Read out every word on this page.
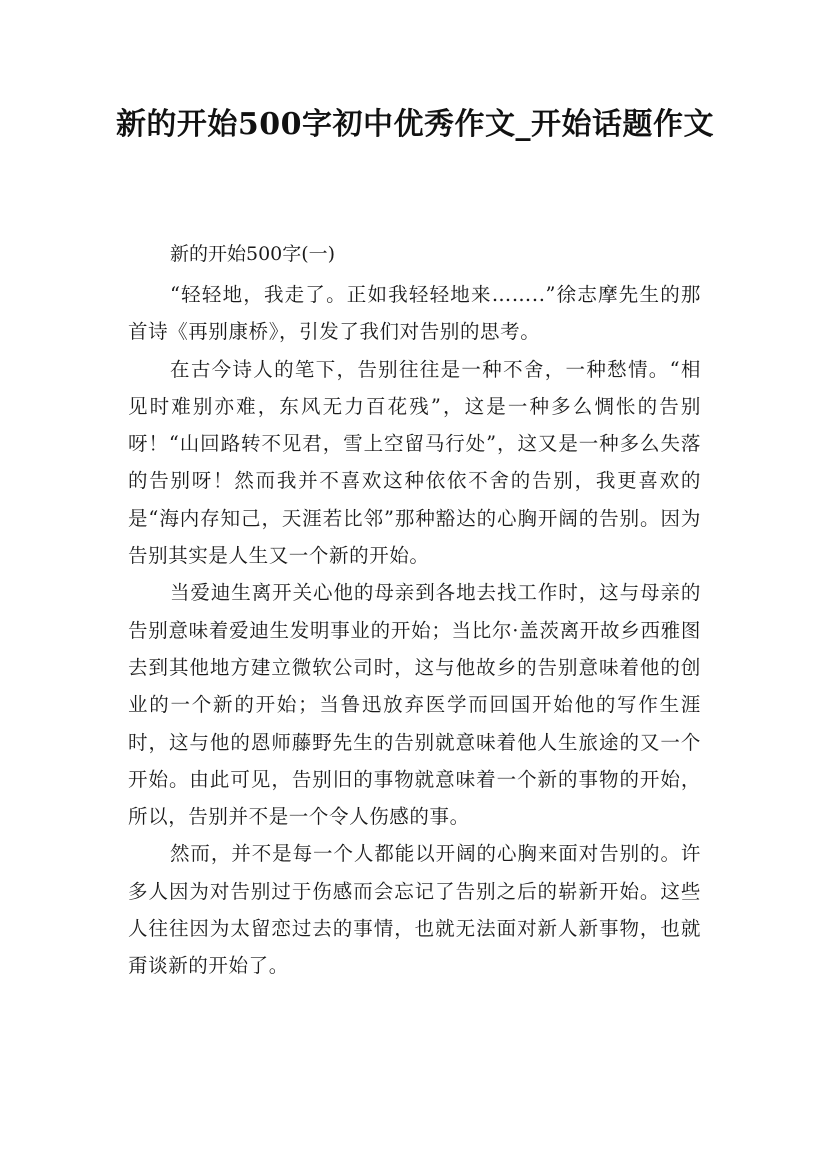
新的开始500字初中优秀作文_开始话题作文

新的开始500字(一)

“轻轻地，我走了。正如我轻轻地来……..”徐志摩先生的那首诗《再别康桥》，引发了我们对告别的思考。

在古今诗人的笔下，告别往往是一种不舍，一种愁情。“相见时难别亦难，东风无力百花残”，这是一种多么惆怅的告别呀！“山回路转不见君，雪上空留马行处”，这又是一种多么失落的告别呀！然而我并不喜欢这种依依不舍的告别，我更喜欢的是“海内存知己，天涯若比邻”那种豁达的心胸开阔的告别。因为告别其实是人生又一个新的开始。

当爱迪生离开关心他的母亲到各地去找工作时，这与母亲的告别意味着爱迪生发明事业的开始；当比尔·盖茨离开故乡西雅图去到其他地方建立微软公司时，这与他故乡的告别意味着他的创业的一个新的开始；当鲁迅放弃医学而回国开始他的写作生涯时，这与他的恩师藤野先生的告别就意味着他人生旅途的又一个开始。由此可见，告别旧的事物就意味着一个新的事物的开始，所以，告别并不是一个令人伤感的事。

然而，并不是每一个人都能以开阔的心胸来面对告别的。许多人因为对告别过于伤感而会忘记了告别之后的崭新开始。这些人往往因为太留恋过去的事情，也就无法面对新人新事物，也就甭谈新的开始了。
